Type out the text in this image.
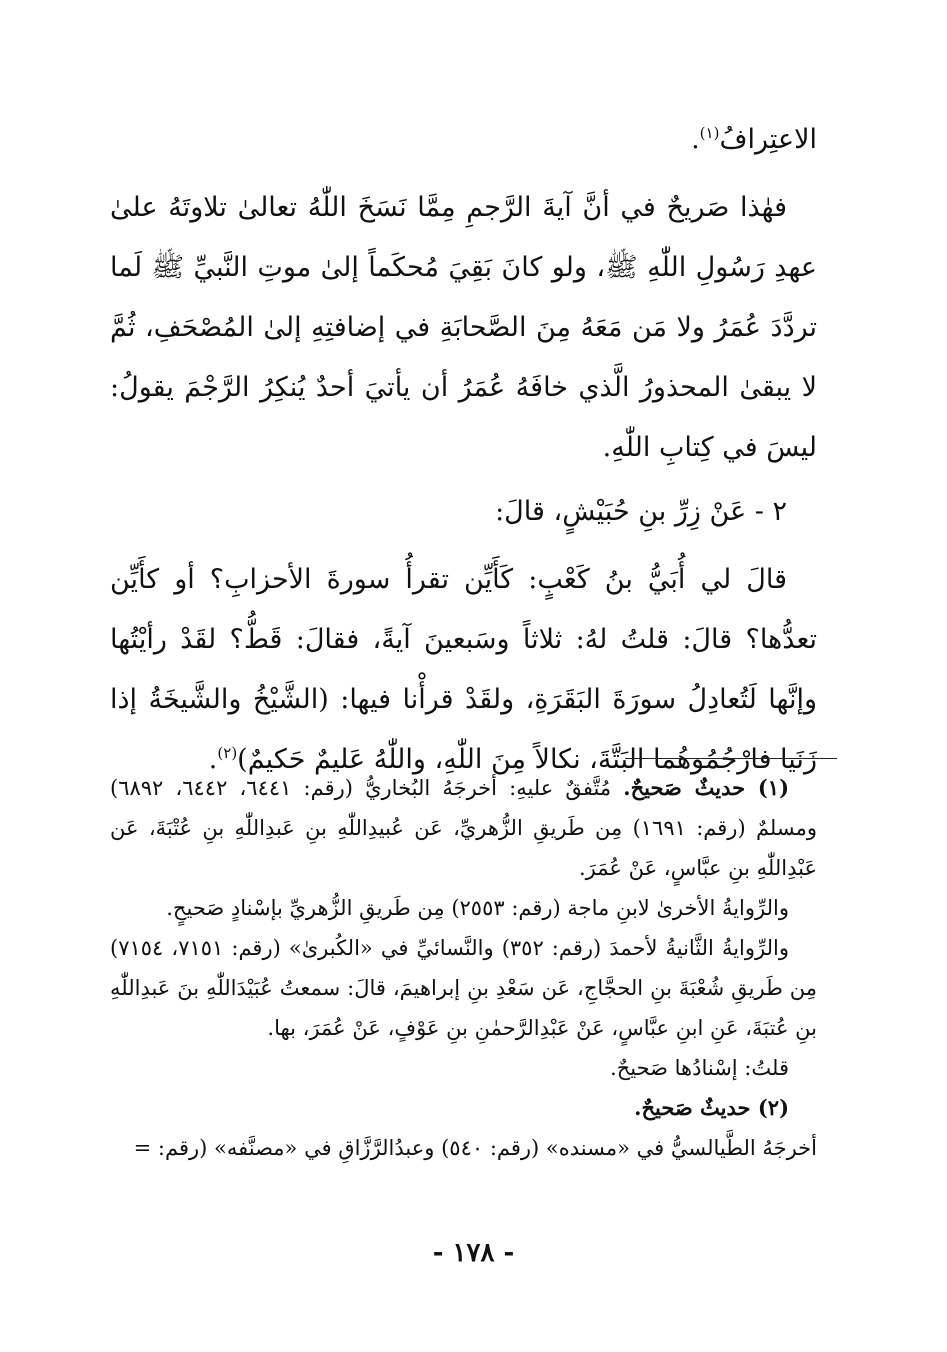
الاعتِرافُ$^{(١)}$.

فهٰذا صَريحٌ في أنَّ آيةَ الرَّجمِ مِمَّا نَسَخَ اللّٰهُ تعالىٰ تلاوتَهُ علىٰ عهدِ رَسُولِ اللّٰهِ ﷺ، ولو كانَ بَقِيَ مُحكَماً إلىٰ موتِ النَّبيِّ ﷺ لَما تردَّدَ عُمَرُ ولا مَن مَعَهُ مِنَ الصَّحابَةِ في إضافتِهِ إلىٰ المُصْحَفِ، ثُمَّ لا يبقىٰ المحذورُ الَّذي خافَهُ عُمَرُ أن يأتيَ أحدٌ يُنكِرُ الرَّجْمَ يقولُ: ليسَ في كِتابِ اللّٰهِ.

٢ - عَنْ زِرِّ بنِ حُبَيْشٍ، قالَ:

قالَ لي أُبَيُّ بنُ كَعْبٍ: كَأَيِّن تقرأُ سورةَ الأحزابِ؟ أو كأَيِّن تعدُّها؟ قالَ: قلتُ لهُ: ثلاثاً وسَبعينَ آيةً، فقالَ: قَطُّ؟ لقَدْ رأيْتُها وإنَّها لَتُعادِلُ سورَةَ البَقَرَةِ، ولقَدْ قرأْنا فيها: (الشَّيْخُ والشَّيخَةُ إذا زَنَيا فارْجُمُوهُما البَتَّةَ، نكالاً مِنَ اللّٰهِ، واللّٰهُ عَليمٌ حَكيمٌ)$^{(٢)}$.

(١) حديثٌ صَحيحٌ. مُتَّفقٌ عليهِ: أخرجَهُ البُخاريُّ (رقم: ٦٤٤١، ٦٤٤٢، ٦٨٩٢) ومسلمٌ (رقم: ١٦٩١) مِن طَريقِ الزُّهريِّ، عَن عُبيدِاللّٰهِ بنِ عَبدِاللّٰهِ بنِ عُتْبَةَ، عَن عَبْدِاللّٰهِ بنِ عبَّاسٍ، عَنْ عُمَرَ.

والرِّوايةُ الأخرىٰ لابنِ ماجة (رقم: ٢٥٥٣) مِن طَريقِ الزُّهريِّ بإسْنادٍ صَحيحٍ.

والرِّوايةُ الثَّانيةُ لأحمدَ (رقم: ٣٥٢) والنَّسائيِّ في «الكُبرىٰ» (رقم: ٧١٥١، ٧١٥٤) مِن طَريقِ شُعْبَةَ بنِ الحجَّاجِ، عَن سَعْدِ بنِ إبراهيمَ، قالَ: سمعتُ عُبَيْدَاللّٰهِ بنَ عَبدِاللّٰهِ بنِ عُتبَةَ، عَنِ ابنِ عبَّاسٍ، عَنْ عَبْدِالرَّحمٰنِ بنِ عَوْفٍ، عَنْ عُمَرَ، بها.

قلتُ: إسْنادُها صَحيحٌ.

(٢) حديثٌ صَحيحٌ.

أخرجَهُ الطَّيالسيُّ في «مسنده» (رقم: ٥٤٠) وعبدُالرَّزَّاقِ في «مصنَّفه» (رقم: =

- ١٧٨ -
